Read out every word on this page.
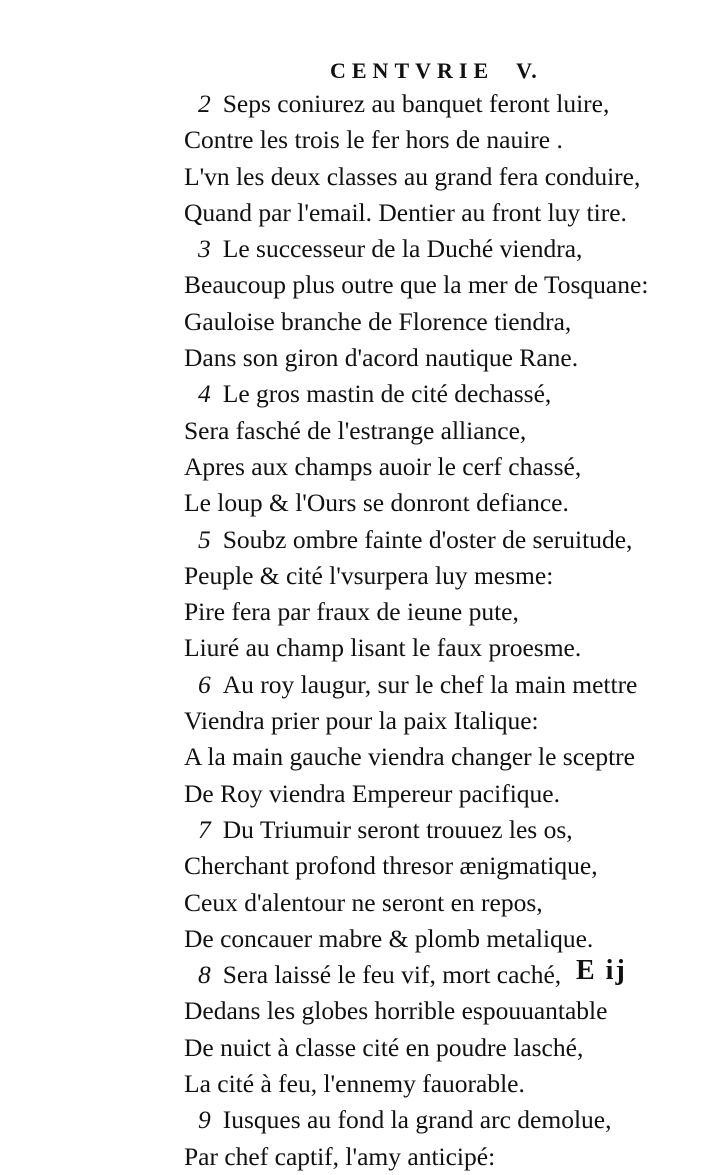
CENTVRIE V.
2 Seps coniurez au banquet feront luire,
Contre les trois le fer hors de nauire .
L'vn les deux classes au grand fera conduire,
Quand par l'email. Dentier au front luy tire.
3 Le successeur de la Duché viendra,
Beaucoup plus outre que la mer de Tosquane:
Gauloise branche de Florence tiendra,
Dans son giron d'acord nautique Rane.
4 Le gros mastin de cité dechassé,
Sera fasché de l'estrange alliance,
Apres aux champs auoir le cerf chassé,
Le loup & l'Ours se donront defiance.
5 Soubz ombre fainte d'oster de seruitude,
Peuple & cité l'vsurpera luy mesme:
Pire fera par fraux de ieune pute,
Liuré au champ lisant le faux proesme.
6 Au roy laugur, sur le chef la main mettre
Viendra prier pour la paix Italique:
A la main gauche viendra changer le sceptre
De Roy viendra Empereur pacifique.
7 Du Triumuir seront trouuez les os,
Cherchant profond thresor ænigmatique,
Ceux d'alentour ne seront en repos,
De concauer mabre & plomb metalique.
8 Sera laissé le feu vif, mort caché,
Dedans les globes horrible espouuantable
De nuict à classe cité en poudre lasché,
La cité à feu, l'ennemy fauorable.
9 Iusques au fond la grand arc demolue,
Par chef captif, l'amy anticipé:
E ij
